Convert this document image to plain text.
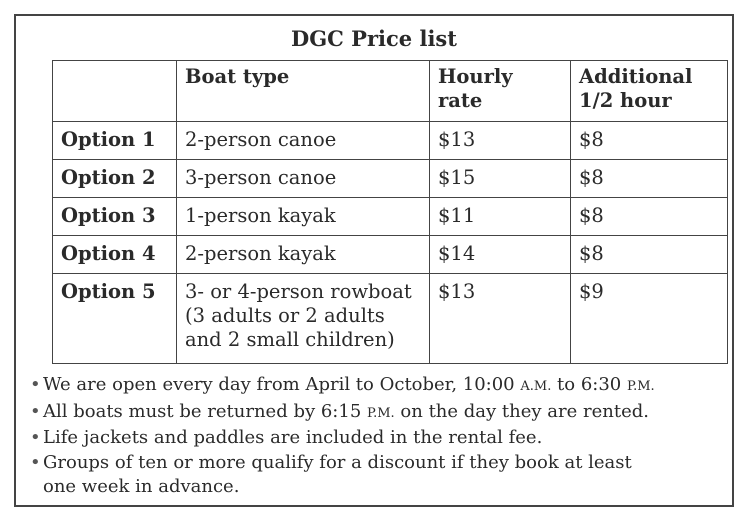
DGC Price list
	Boat type	Hourly rate	Additional 1/2 hour
Option 1	2-person canoe	$13	$8
Option 2	3-person canoe	$15	$8
Option 3	1-person kayak	$11	$8
Option 4	2-person kayak	$14	$8
Option 5	3- or 4-person rowboat
(3 adults or 2 adults
and 2 small children)	$13	$9
• We are open every day from April to October, 10:00 A.M. to 6:30 P.M.
• All boats must be returned by 6:15 P.M. on the day they are rented.
• Life jackets and paddles are included in the rental fee.
• Groups of ten or more qualify for a discount if they book at least
one week in advance.
